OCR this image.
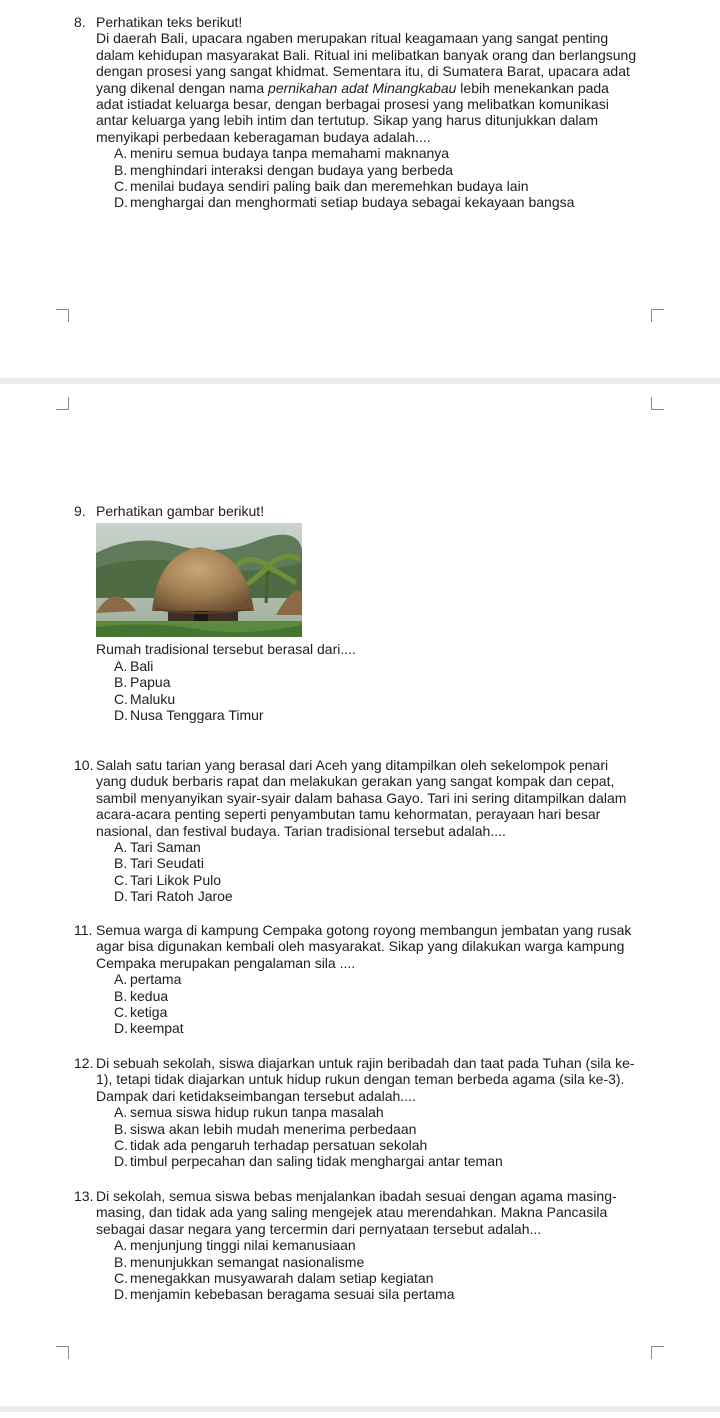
8. Perhatikan teks berikut!
Di daerah Bali, upacara ngaben merupakan ritual keagamaan yang sangat penting
dalam kehidupan masyarakat Bali. Ritual ini melibatkan banyak orang dan berlangsung
dengan prosesi yang sangat khidmat. Sementara itu, di Sumatera Barat, upacara adat
yang dikenal dengan nama pernikahan adat Minangkabau lebih menekankan pada
adat istiadat keluarga besar, dengan berbagai prosesi yang melibatkan komunikasi
antar keluarga yang lebih intim dan tertutup. Sikap yang harus ditunjukkan dalam
menyikapi perbedaan keberagaman budaya adalah....
A. meniru semua budaya tanpa memahami maknanya
B. menghindari interaksi dengan budaya yang berbeda
C. menilai budaya sendiri paling baik dan meremehkan budaya lain
D. menghargai dan menghormati setiap budaya sebagai kekayaan bangsa
9. Perhatikan gambar berikut!
Rumah tradisional tersebut berasal dari....
A. Bali
B. Papua
C. Maluku
D. Nusa Tenggara Timur
10. Salah satu tarian yang berasal dari Aceh yang ditampilkan oleh sekelompok penari
yang duduk berbaris rapat dan melakukan gerakan yang sangat kompak dan cepat,
sambil menyanyikan syair-syair dalam bahasa Gayo. Tari ini sering ditampilkan dalam
acara-acara penting seperti penyambutan tamu kehormatan, perayaan hari besar
nasional, dan festival budaya. Tarian tradisional tersebut adalah....
A. Tari Saman
B. Tari Seudati
C. Tari Likok Pulo
D. Tari Ratoh Jaroe
11. Semua warga di kampung Cempaka gotong royong membangun jembatan yang rusak
agar bisa digunakan kembali oleh masyarakat. Sikap yang dilakukan warga kampung
Cempaka merupakan pengalaman sila ....
A. pertama
B. kedua
C. ketiga
D. keempat
12. Di sebuah sekolah, siswa diajarkan untuk rajin beribadah dan taat pada Tuhan (sila ke-
1), tetapi tidak diajarkan untuk hidup rukun dengan teman berbeda agama (sila ke-3).
Dampak dari ketidakseimbangan tersebut adalah....
A. semua siswa hidup rukun tanpa masalah
B. siswa akan lebih mudah menerima perbedaan
C. tidak ada pengaruh terhadap persatuan sekolah
D. timbul perpecahan dan saling tidak menghargai antar teman
13. Di sekolah, semua siswa bebas menjalankan ibadah sesuai dengan agama masing-
masing, dan tidak ada yang saling mengejek atau merendahkan. Makna Pancasila
sebagai dasar negara yang tercermin dari pernyataan tersebut adalah...
A. menjunjung tinggi nilai kemanusiaan
B. menunjukkan semangat nasionalisme
C. menegakkan musyawarah dalam setiap kegiatan
D. menjamin kebebasan beragama sesuai sila pertama
